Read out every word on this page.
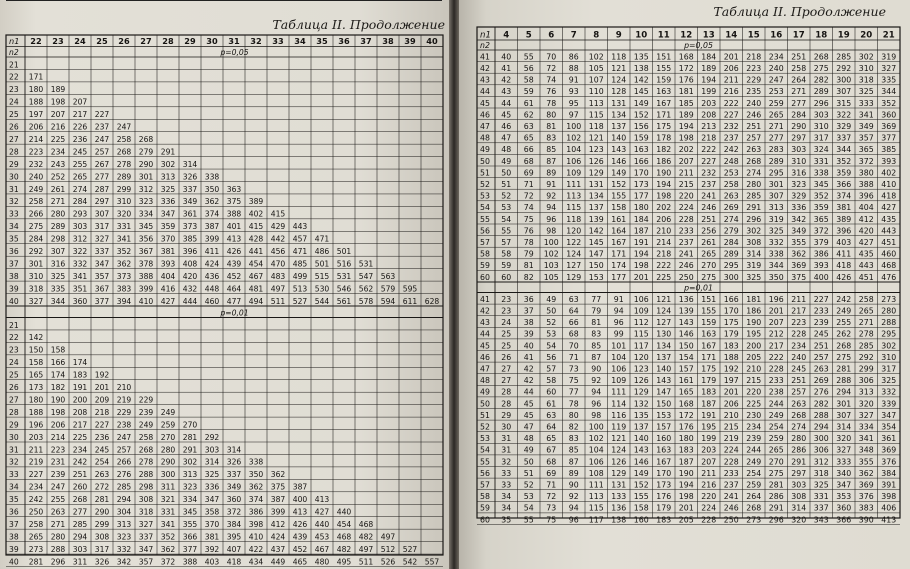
Таблица II. Продолжение
n1 22 23 24 25 26 27 28 29 30 31 32 33 34 35 36 37 38 39 40
n2	p=0,05
21
22 171
23 180 189
24 188 198 207
25 197 207 217 227
26 206 216 226 237 247
27 214 225 236 247 258 268
28 223 234 245 257 268 279 291
29 232 243 255 267 278 290 302 314
30 240 252 265 277 289 301 313 326 338
31 249 261 274 287 299 312 325 337 350 363
32 258 271 284 297 310 323 336 349 362 375 389
33 266 280 293 307 320 334 347 361 374 388 402 415
34 275 289 303 317 331 345 359 373 387 401 415 429 443
35 284 298 312 327 341 356 370 385 399 413 428 442 457 471
36 292 307 322 337 352 367 381 396 411 426 441 456 471 486 501
37 301 316 332 347 362 378 393 408 424 439 454 470 485 501 516 531
38 310 325 341 357 373 388 404 420 436 452 467 483 499 515 531 547 563
39 318 335 351 367 383 399 416 432 448 464 481 497 513 530 546 562 579 595
40 327 344 360 377 394 410 427 444 460 477 494 511 527 544 561 578 594 611 628
p=0,01
21
22 142
23 150 158
24 158 166 174
25 165 174 183 192
26 173 182 191 201 210
27 180 190 200 209 219 229
28 188 198 208 218 229 239 249
29 196 206 217 227 238 249 259 270
30 203 214 225 236 247 258 270 281 292
31 211 223 234 245 257 268 280 291 303 314
32 219 231 242 254 266 278 290 302 314 326 338
33 227 239 251 263 276 288 300 313 325 337 350 362
34 234 247 260 272 285 298 311 323 336 349 362 375 387
35 242 255 268 281 294 308 321 334 347 360 374 387 400 413
36 250 263 277 290 304 318 331 345 358 372 386 399 413 427 440
37 258 271 285 299 313 327 341 355 370 384 398 412 426 440 454 468
38 265 280 294 308 323 337 352 366 381 395 410 424 439 453 468 482 497
39 273 288 303 317 332 347 362 377 392 407 422 437 452 467 482 497 512 527
40 281 296 311 326 342 357 372 388 403 418 434 449 465 480 495 511 526 542 557
Таблица II. Продолжение
n1 4 5 6 7 8 9 10 11 12 13 14 15 16 17 18 19 20 21
n2	p=0,05
41 40 55 70 86 102 118 135 151 168 184 201 218 234 251 268 285 302 319
42 41 56 72 88 105 121 138 155 172 189 206 223 240 258 275 292 310 327
43 42 58 74 91 107 124 142 159 176 194 211 229 247 264 282 300 318 335
44 43 59 76 93 110 128 145 163 181 199 216 235 253 271 289 307 325 344
45 44 61 78 95 113 131 149 167 185 203 222 240 259 277 296 315 333 352
46 45 62 80 97 115 134 152 171 189 208 227 246 265 284 303 322 341 360
47 46 63 81 100 118 137 156 175 194 213 232 251 271 290 310 329 349 369
48 47 65 83 102 121 140 159 178 198 218 237 257 277 297 317 337 357 377
49 48 66 85 104 123 143 163 182 202 222 242 263 283 303 324 344 365 385
50 49 68 87 106 126 146 166 186 207 227 248 268 289 310 331 352 372 393
51 50 69 89 109 129 149 170 190 211 232 253 274 295 316 338 359 380 402
52 51 71 91 111 131 152 173 194 215 237 258 280 301 323 345 366 388 410
53 52 72 92 113 134 155 177 198 220 241 263 285 307 329 352 374 396 418
54 53 74 94 115 137 158 180 202 224 246 269 291 313 336 359 381 404 427
55 54 75 96 118 139 161 184 206 228 251 274 296 319 342 365 389 412 435
56 55 76 98 120 142 164 187 210 233 256 279 302 325 349 372 396 420 443
57 57 78 100 122 145 167 191 214 237 261 284 308 332 355 379 403 427 451
58 58 79 102 124 147 171 194 218 241 265 289 314 338 362 386 411 435 460
59 59 81 103 127 150 174 198 222 246 270 295 319 344 369 393 418 443 468
60 60 82 105 129 153 177 201 225 250 275 300 325 350 375 400 426 451 476
p=0,01
41 23 36 49 63 77 91 106 121 136 151 166 181 196 211 227 242 258 273
42 23 37 50 64 79 94 109 124 139 155 170 186 201 217 233 249 265 280
43 24 38 52 66 81 96 112 127 143 159 175 190 207 223 239 255 271 288
44 25 39 53 68 83 99 115 130 146 163 179 195 212 228 245 262 278 295
45 25 40 54 70 85 101 117 134 150 167 183 200 217 234 251 268 285 302
46 26 41 56 71 87 104 120 137 154 171 188 205 222 240 257 275 292 310
47 27 42 57 73 90 106 123 140 157 175 192 210 228 245 263 281 299 317
48 27 42 58 75 92 109 126 143 161 179 197 215 233 251 269 288 306 325
49 28 44 60 77 94 111 129 147 165 183 201 220 238 257 276 294 313 332
50 28 45 61 78 96 114 132 150 168 187 206 225 244 263 282 301 320 339
51 29 45 63 80 98 116 135 153 172 191 210 230 249 268 288 307 327 347
52 30 47 64 82 100 119 137 157 176 195 215 234 254 274 294 314 334 354
53 31 48 65 83 102 121 140 160 180 199 219 239 259 280 300 320 341 361
54 31 49 67 85 104 124 143 163 183 203 224 244 265 286 306 327 348 369
55 32 50 68 87 106 126 146 167 187 207 228 249 270 291 312 333 355 376
56 33 51 69 89 108 129 149 170 190 211 233 254 275 297 318 340 362 384
57 33 52 71 90 111 131 152 173 194 216 237 259 281 303 325 347 369 391
58 34 53 72 92 113 133 155 176 198 220 241 264 286 308 331 353 376 398
59 34 54 73 94 115 136 158 179 201 224 246 268 291 314 337 360 383 406
60 35 55 75 96 117 138 160 183 205 228 250 273 296 320 343 366 390 413
